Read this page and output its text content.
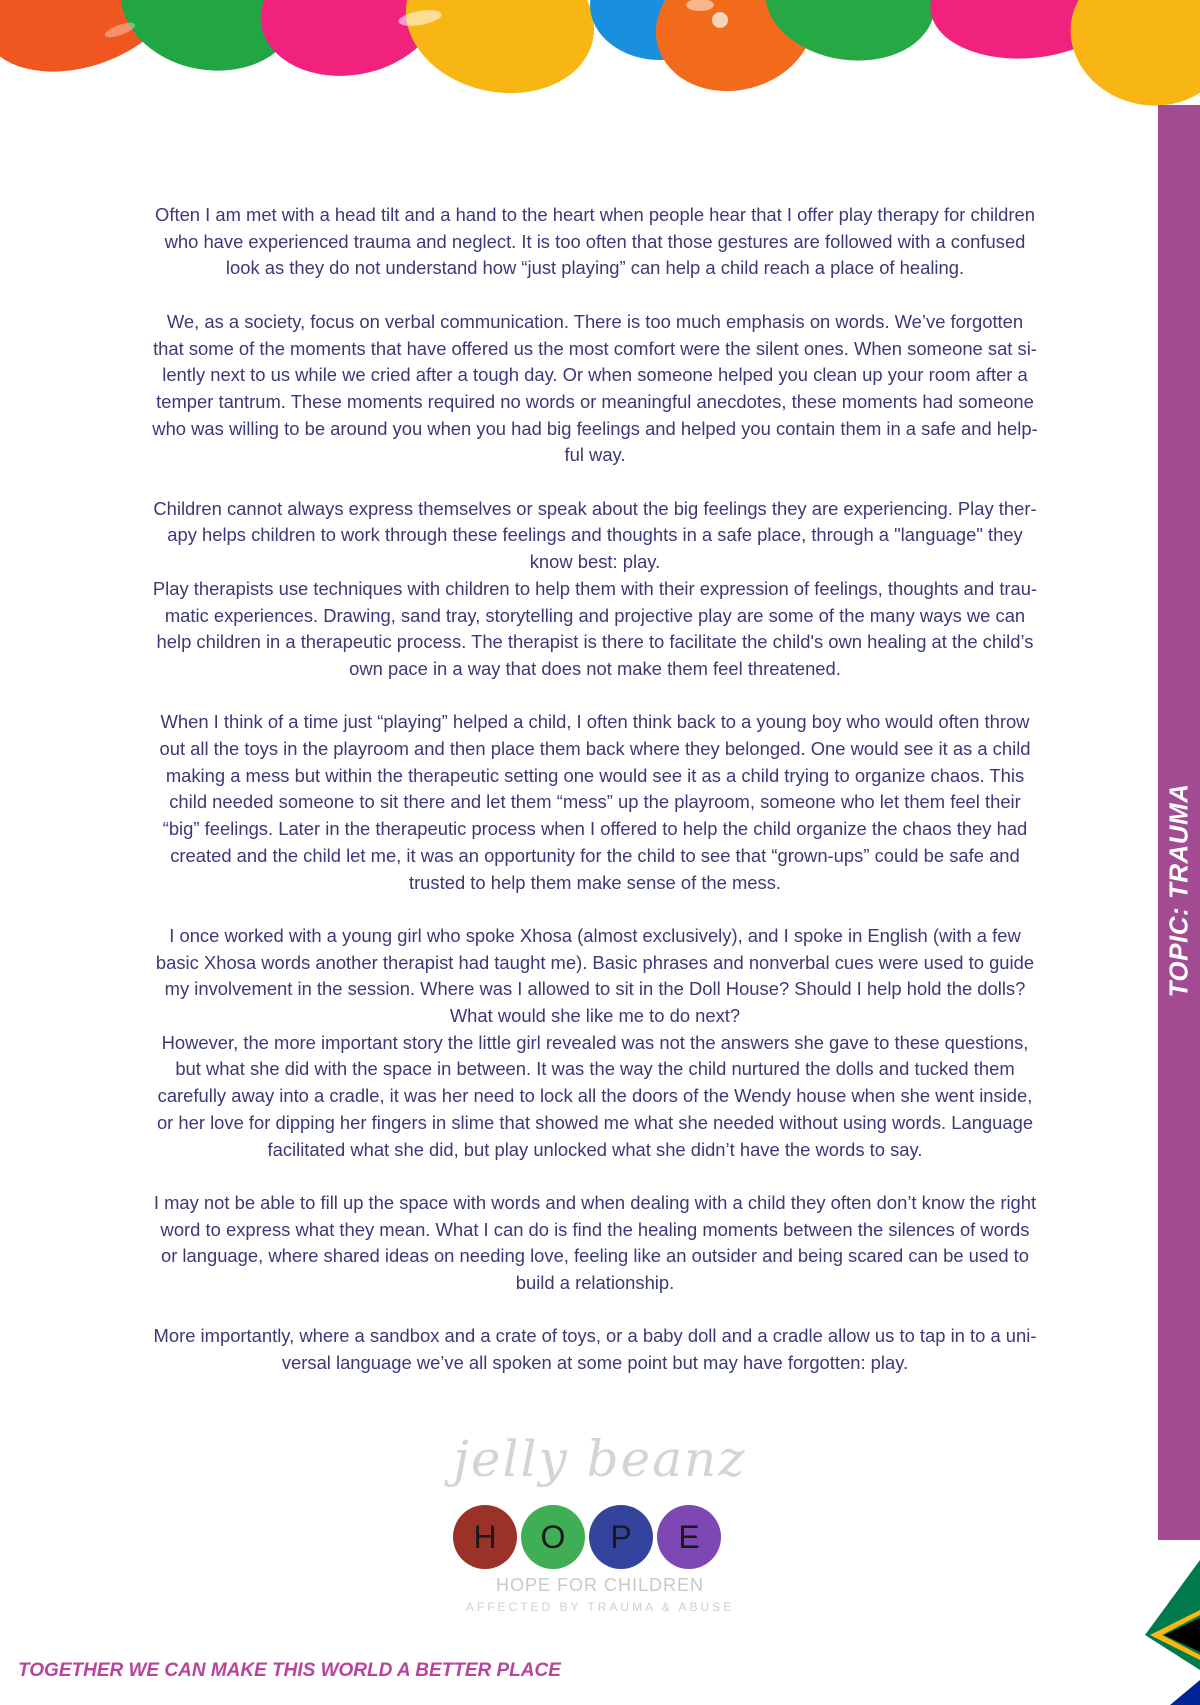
TOPIC: TRAUMA

Often I am met with a head tilt and a hand to the heart when people hear that I offer play therapy for children
who have experienced trauma and neglect. It is too often that those gestures are followed with a confused
look as they do not understand how “just playing” can help a child reach a place of healing.

We, as a society, focus on verbal communication. There is too much emphasis on words. We’ve forgotten
that some of the moments that have offered us the most comfort were the silent ones. When someone sat si-
lently next to us while we cried after a tough day. Or when someone helped you clean up your room after a
temper tantrum. These moments required no words or meaningful anecdotes, these moments had someone
who was willing to be around you when you had big feelings and helped you contain them in a safe and help-
ful way.

Children cannot always express themselves or speak about the big feelings they are experiencing. Play ther-
apy helps children to work through these feelings and thoughts in a safe place, through a "language" they
know best: play.
Play therapists use techniques with children to help them with their expression of feelings, thoughts and trau-
matic experiences. Drawing, sand tray, storytelling and projective play are some of the many ways we can
help children in a therapeutic process. The therapist is there to facilitate the child's own healing at the child’s
own pace in a way that does not make them feel threatened.

When I think of a time just “playing” helped a child, I often think back to a young boy who would often throw
out all the toys in the playroom and then place them back where they belonged. One would see it as a child
making a mess but within the therapeutic setting one would see it as a child trying to organize chaos. This
child needed someone to sit there and let them “mess” up the playroom, someone who let them feel their
“big” feelings. Later in the therapeutic process when I offered to help the child organize the chaos they had
created and the child let me, it was an opportunity for the child to see that “grown-ups” could be safe and
trusted to help them make sense of the mess.

I once worked with a young girl who spoke Xhosa (almost exclusively), and I spoke in English (with a few
basic Xhosa words another therapist had taught me). Basic phrases and nonverbal cues were used to guide
my involvement in the session. Where was I allowed to sit in the Doll House? Should I help hold the dolls?
What would she like me to do next?
However, the more important story the little girl revealed was not the answers she gave to these questions,
but what she did with the space in between. It was the way the child nurtured the dolls and tucked them
carefully away into a cradle, it was her need to lock all the doors of the Wendy house when she went inside,
or her love for dipping her fingers in slime that showed me what she needed without using words. Language
facilitated what she did, but play unlocked what she didn’t have the words to say.

I may not be able to fill up the space with words and when dealing with a child they often don’t know the right
word to express what they mean. What I can do is find the healing moments between the silences of words
or language, where shared ideas on needing love, feeling like an outsider and being scared can be used to
build a relationship.

More importantly, where a sandbox and a crate of toys, or a baby doll and a cradle allow us to tap in to a uni-
versal language we’ve all spoken at some point but may have forgotten: play.

jelly beanz
H O P E
HOPE FOR CHILDREN
AFFECTED BY TRAUMA & ABUSE
TOGETHER WE CAN MAKE THIS WORLD A BETTER PLACE
